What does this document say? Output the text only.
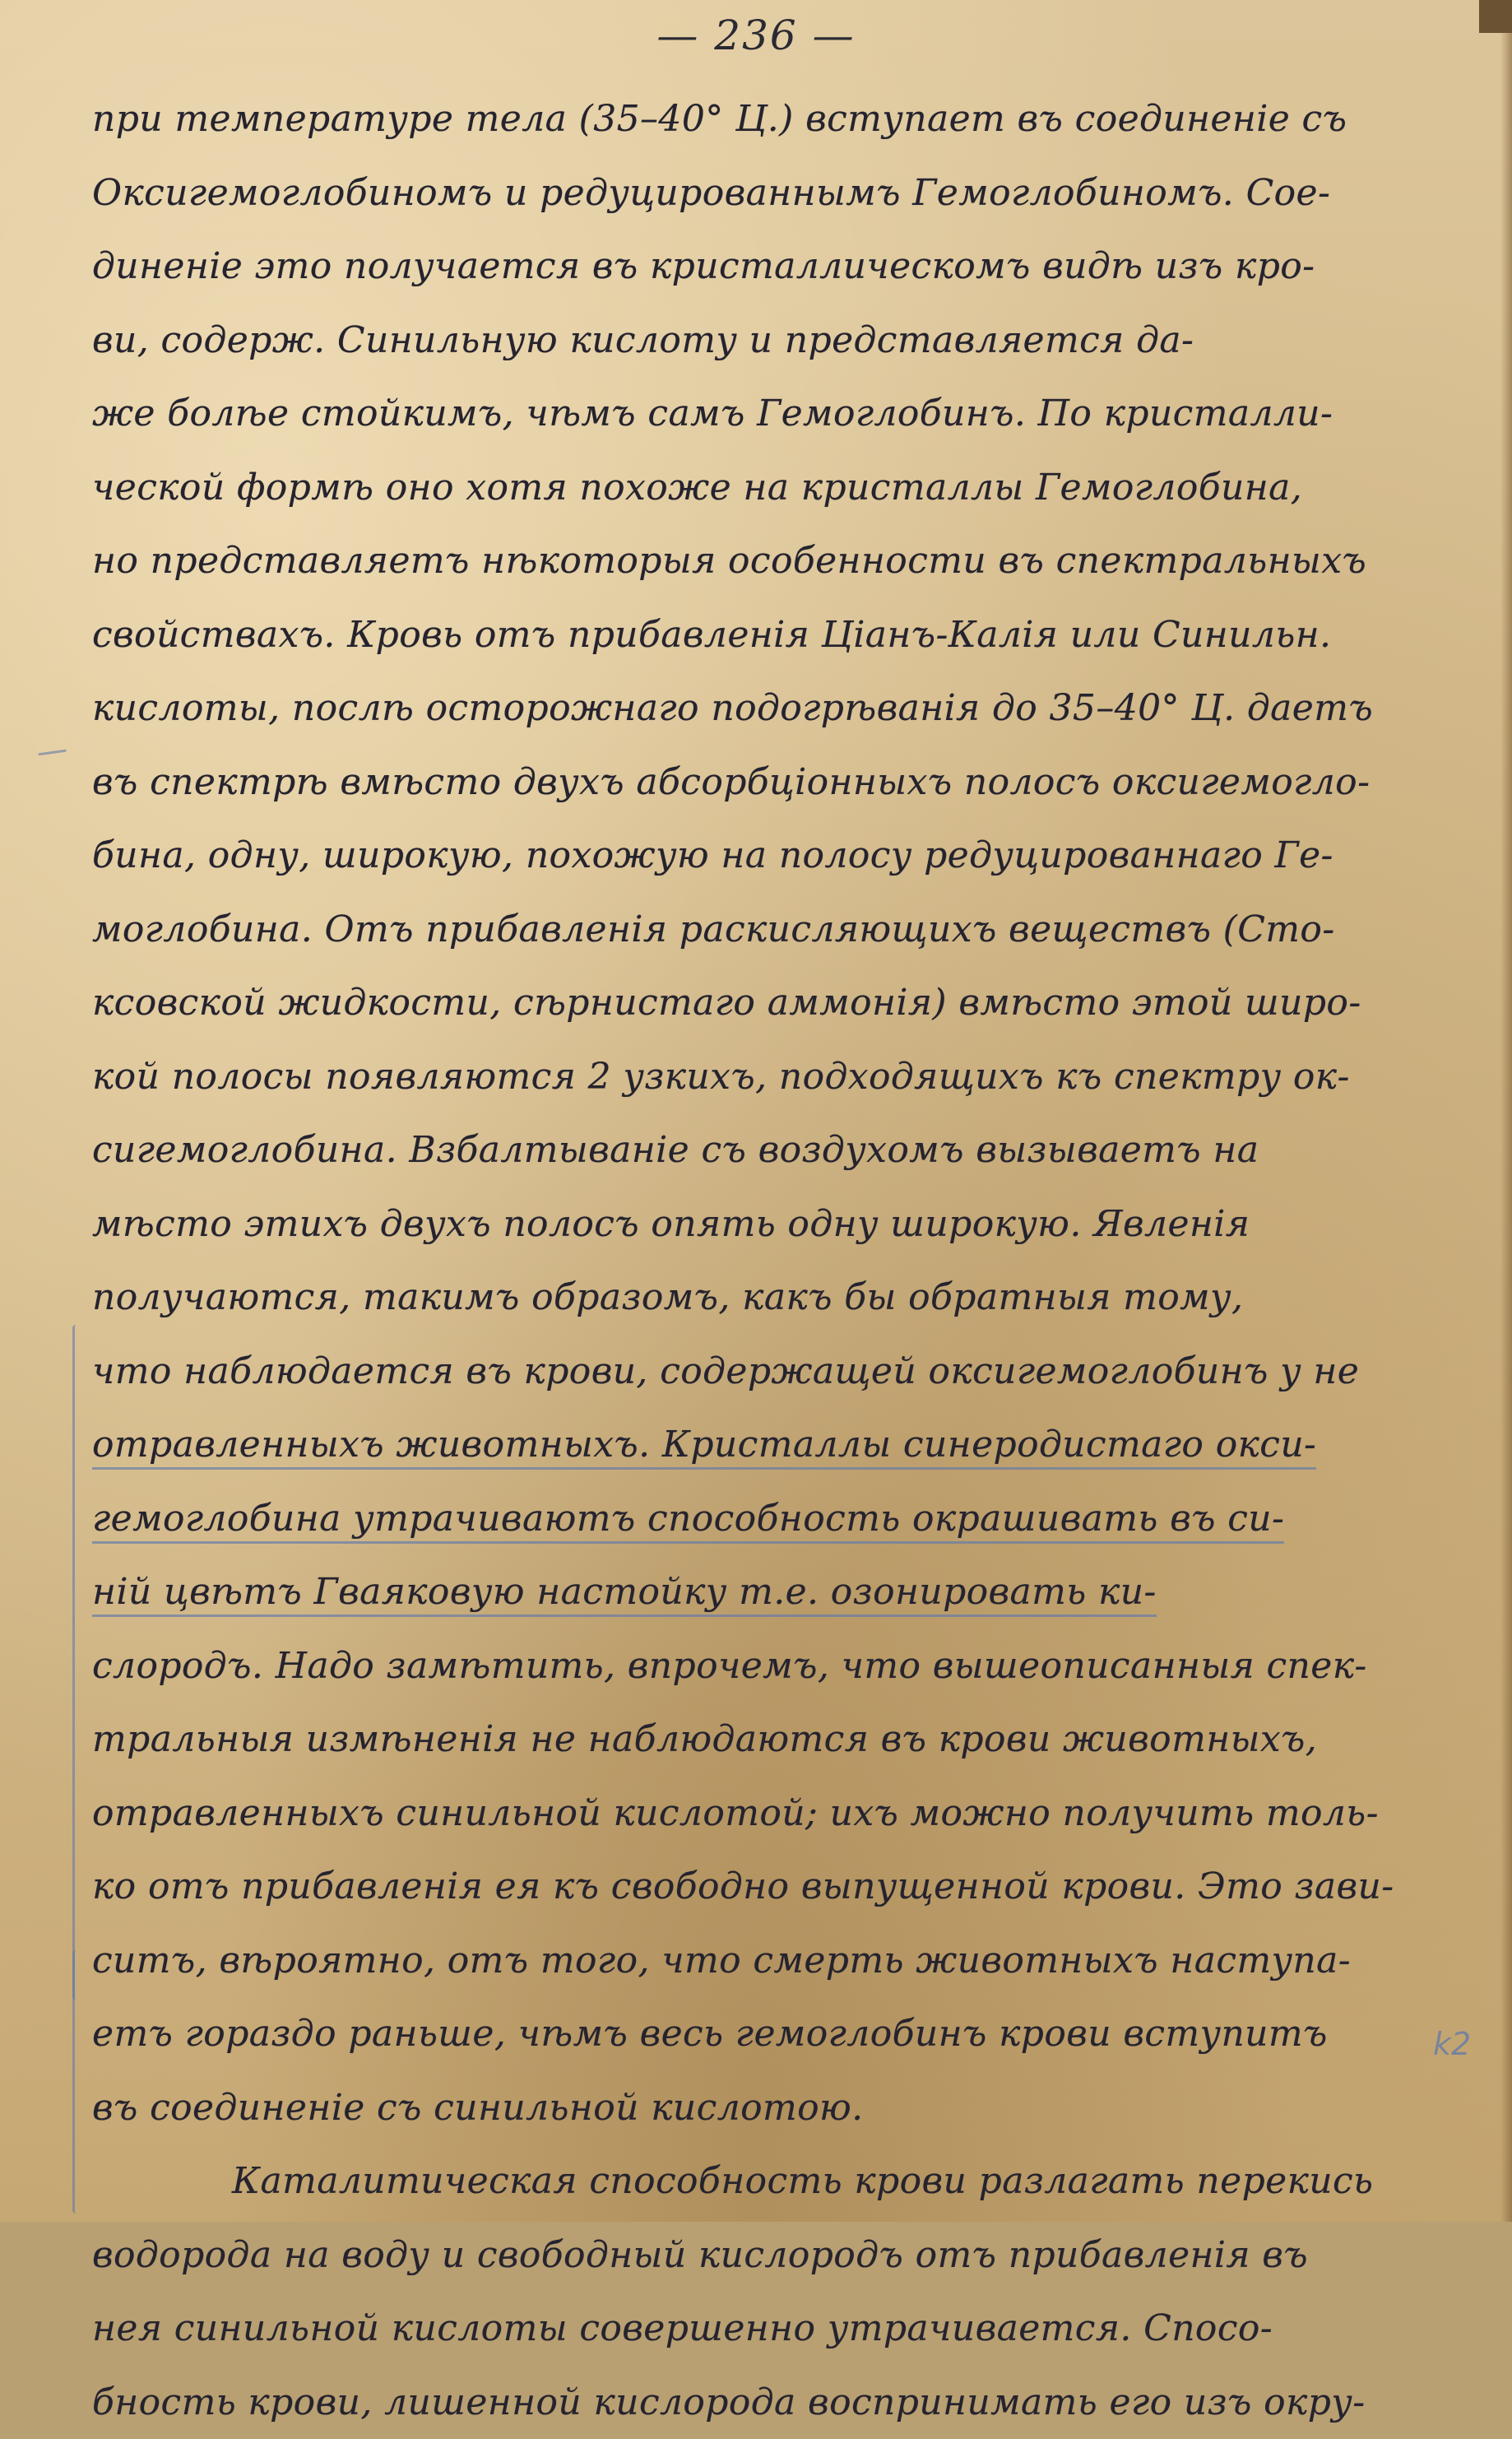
— 236 —
k2
при температуре тела (35–40° Ц.) вступает въ соединеніе съ
Оксигемоглобиномъ и редуцированнымъ Гемоглобиномъ. Сое-
диненіе это получается въ кристаллическомъ видѣ изъ кро-
ви, содерж. Синильную кислоту и представляется да-
же болѣе стойкимъ, чѣмъ самъ Гемоглобинъ. По кристалли-
ческой формѣ оно хотя похоже на кристаллы Гемоглобина,
но представляетъ нѣкоторыя особенности въ спектральныхъ
свойствахъ. Кровь отъ прибавленія Ціанъ-Калія или Синильн.
кислоты, послѣ осторожнаго подогрѣванія до 35–40° Ц. даетъ
въ спектрѣ вмѣсто двухъ абсорбціонныхъ полосъ оксигемогло-
бина, одну, широкую, похожую на полосу редуцированнаго Ге-
моглобина. Отъ прибавленія раскисляющихъ веществъ (Сто-
ксовской жидкости, сѣрнистаго аммонія) вмѣсто этой широ-
кой полосы появляются 2 узкихъ, подходящихъ къ спектру ок-
сигемоглобина. Взбалтываніе съ воздухомъ вызываетъ на
мѣсто этихъ двухъ полосъ опять одну широкую. Явленія
получаются, такимъ образомъ, какъ бы обратныя тому,
что наблюдается въ крови, содержащей оксигемоглобинъ у не
отравленныхъ животныхъ. Кристаллы синеродистаго окси-
гемоглобина утрачиваютъ способность окрашивать въ си-
ній цвѣтъ Гваяковую настойку т.е. озонировать ки-
слородъ. Надо замѣтить, впрочемъ, что вышеописанныя спек-
тральныя измѣненія не наблюдаются въ крови животныхъ,
отравленныхъ синильной кислотой; ихъ можно получить толь-
ко отъ прибавленія ея къ свободно выпущенной крови. Это зави-
ситъ, вѣроятно, отъ того, что смерть животныхъ наступа-
етъ гораздо раньше, чѣмъ весь гемоглобинъ крови вступитъ
въ соединеніе съ синильной кислотою.
Каталитическая способность крови разлагать перекись
водорода на воду и свободный кислородъ отъ прибавленія въ
нея синильной кислоты совершенно утрачивается. Спосо-
бность крови, лишенной кислорода воспринимать его изъ окру-
